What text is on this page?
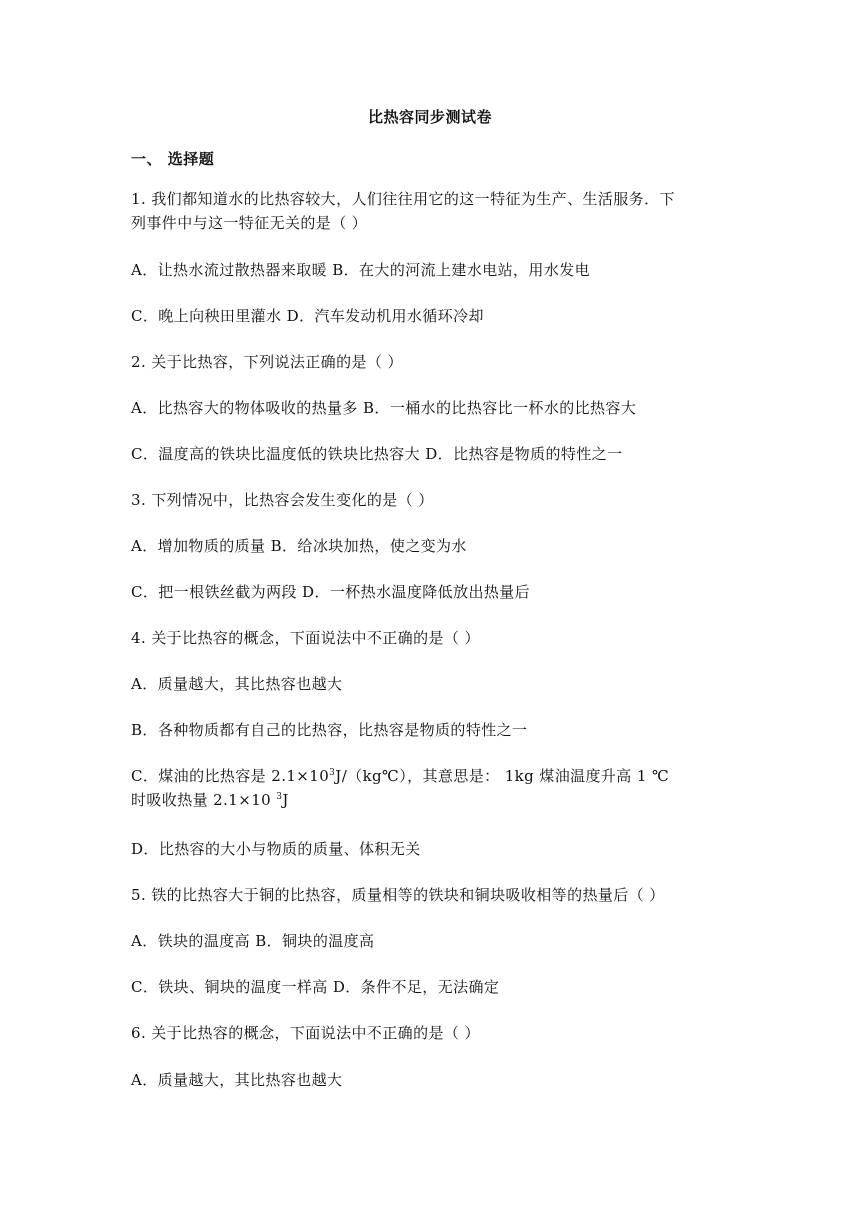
比热容同步测试卷
一、 选择题
1. 我们都知道水的比热容较大，人们往往用它的这一特征为生产、生活服务．下
列事件中与这一特征无关的是（ ）
A．让热水流过散热器来取暖 B．在大的河流上建水电站，用水发电
C．晚上向秧田里灌水 D．汽车发动机用水循环冷却
2. 关于比热容，下列说法正确的是（ ）
A．比热容大的物体吸收的热量多 B．一桶水的比热容比一杯水的比热容大
C．温度高的铁块比温度低的铁块比热容大 D．比热容是物质的特性之一
3. 下列情况中，比热容会发生变化的是（ ）
A．增加物质的质量 B．给冰块加热，使之变为水
C．把一根铁丝截为两段 D．一杯热水温度降低放出热量后
4. 关于比热容的概念，下面说法中不正确的是（ ）
A．质量越大，其比热容也越大
B．各种物质都有自己的比热容，比热容是物质的特性之一
C．煤油的比热容是 $2.1\times 10^3J/(kg℃)$，其意思是： 1kg 煤油温度升高 1 ℃
时吸收热量 2.1×10 $^3$J
D．比热容的大小与物质的质量、体积无关
5. 铁的比热容大于铜的比热容，质量相等的铁块和铜块吸收相等的热量后（ ）
A．铁块的温度高 B．铜块的温度高
C．铁块、铜块的温度一样高 D．条件不足，无法确定
6. 关于比热容的概念，下面说法中不正确的是（ ）
A．质量越大，其比热容也越大
